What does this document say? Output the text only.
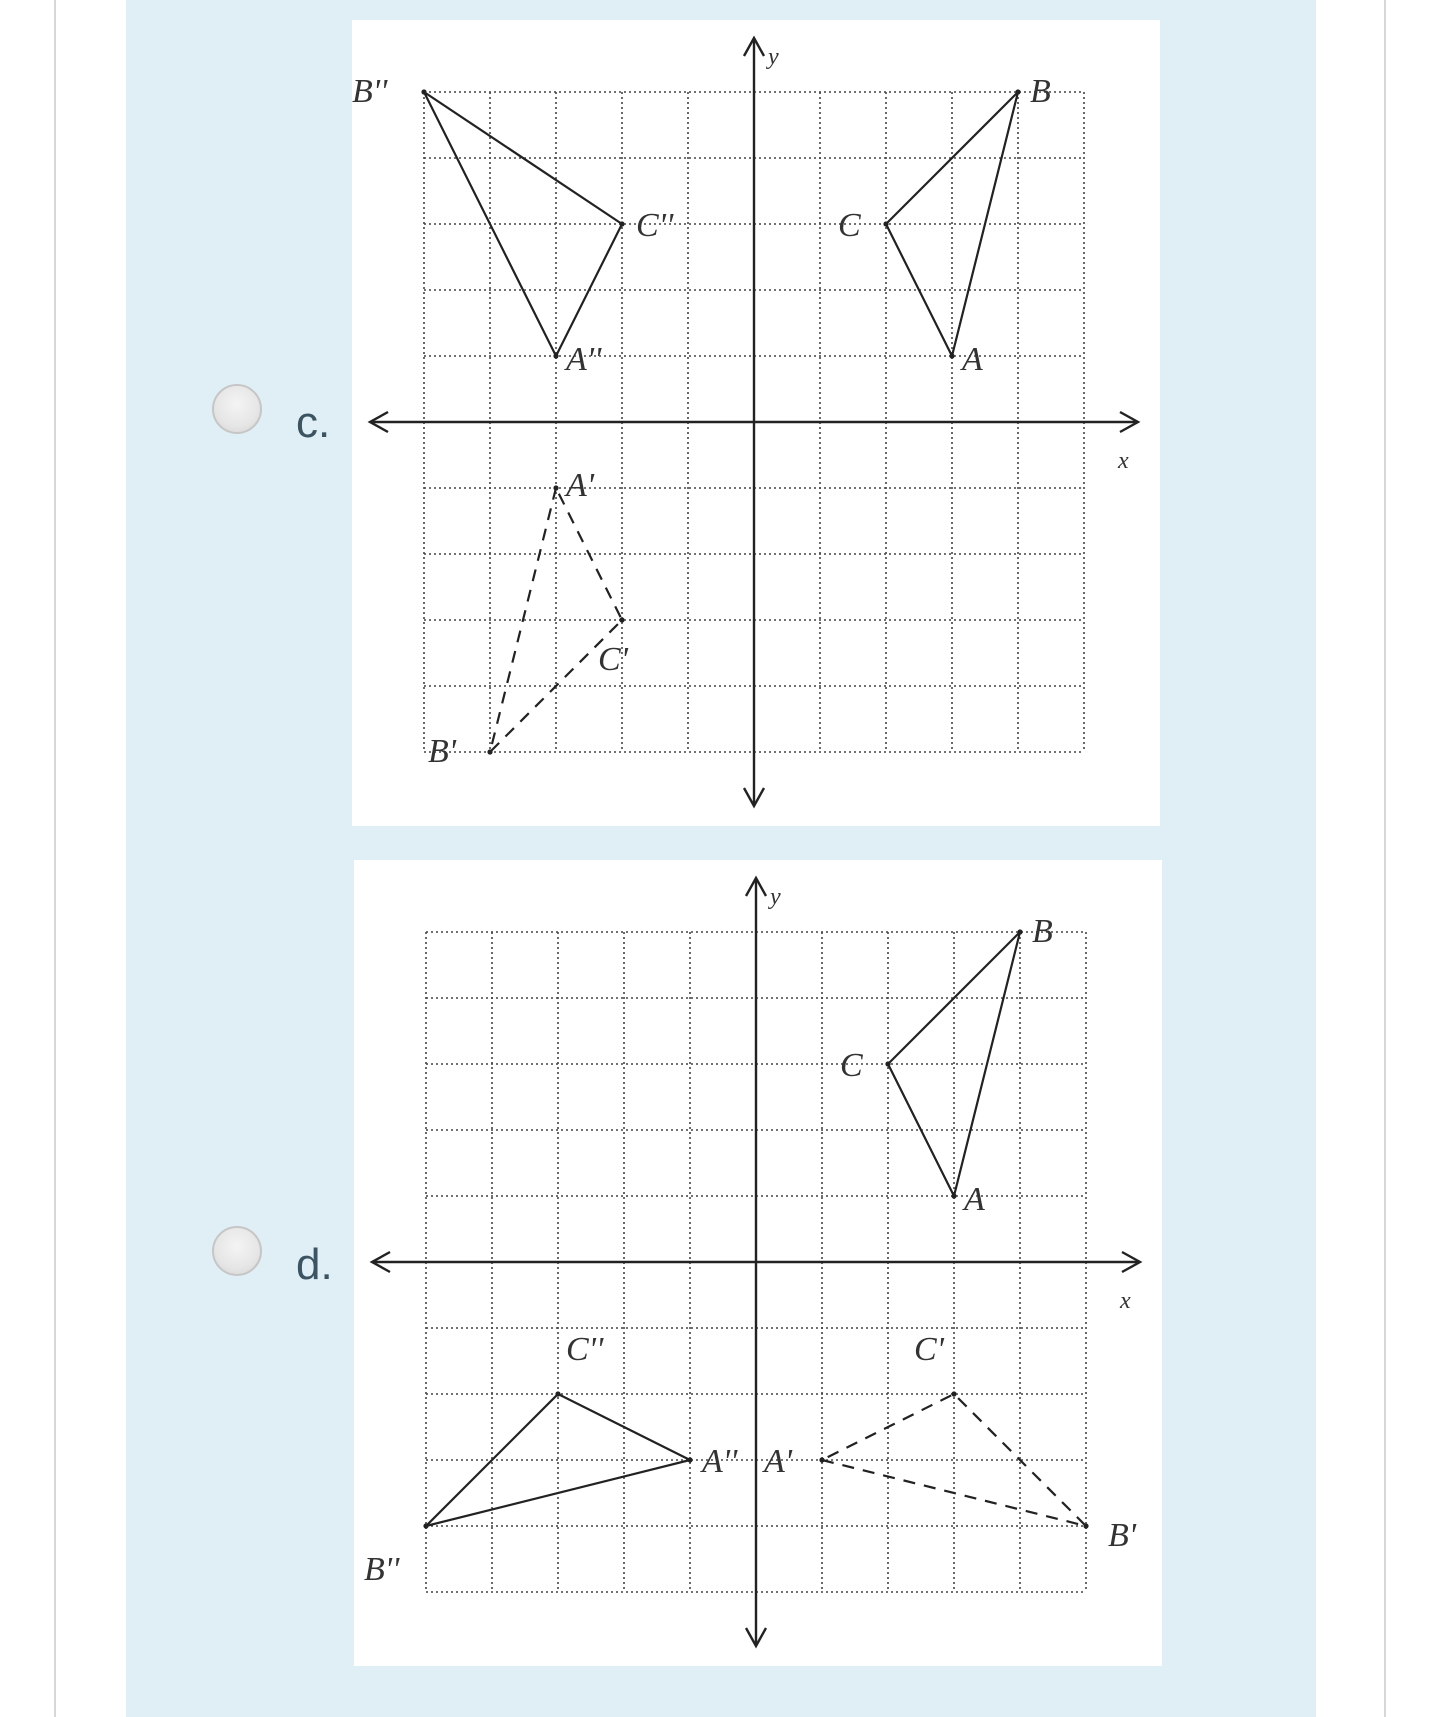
c.
x
y
A
B
C
A'
B'
C'
A''
B''
C''
d.
x
y
A
B
C
A'
B'
C'
A''
B''
C''
